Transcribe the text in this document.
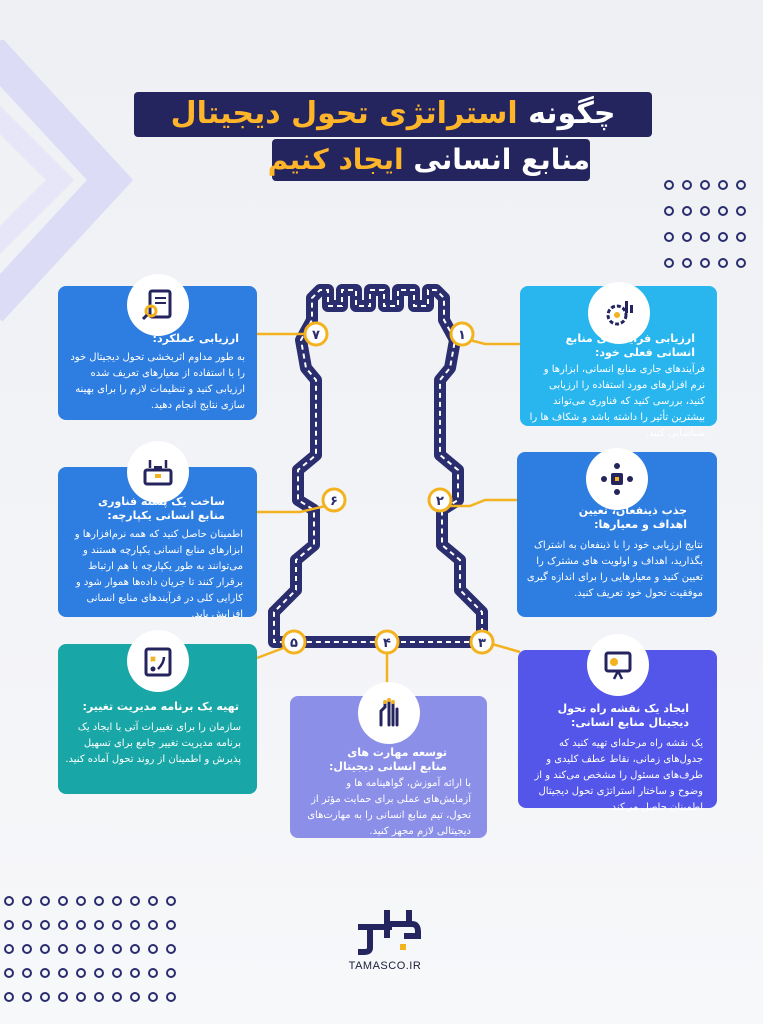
چگونه استراتژی تحول دیجیتال
منابع انسانی ایجاد کنیم
۱
۲
۳
۴
۵
۶
۷	ارزیابی فرآیندهای منابع انسانی فعلی خود:
فرآیندهای جاری منابع انسانی، ابزارها و نرم افزارهای مورد استفاده را ارزیابی کنید، بررسی کنید که فناوری می‌تواند بیشترین تأثیر را داشته باشد و شکاف ها را شناسایی کنید.
جذب ذینفعان، تعیین اهداف و معیارها:
نتایج ارزیابی خود را با ذینفعان به اشتراک بگذارید، اهداف و اولویت های مشترک را تعیین کنید و معیارهایی را برای اندازه گیری موفقیت تحول خود تعریف کنید.
ایجاد یک نقشه راه تحول دیجیتال منابع انسانی:
یک نقشه راه مرحله‌ای تهیه کنید که جدول‌های زمانی، نقاط عطف کلیدی و طرف‌های مسئول را مشخص می‌کند و از وضوح و ساختار استراتژی تحول دیجیتال اطمینان حاصل می‌کند.
توسعه مهارت های منابع انسانی دیجیتال:
با ارائه آموزش، گواهینامه ها و آزمایش‌های عملی برای حمایت مؤثر از تحول، تیم منابع انسانی را به مهارت‌های دیجیتالی لازم مجهز کنید.
تهیه یک برنامه مدیریت تغییر:
سازمان را برای تغییرات آتی با ایجاد یک برنامه مدیریت تغییر جامع برای تسهیل پذیرش و اطمینان از روند تحول آماده کنید.
ساخت یک پشته فناوری منابع انسانی یکپارچه:
اطمینان حاصل کنید که همه نرم‌افزارها و ابزارهای منابع انسانی یکپارچه هستند و می‌توانند به طور یکپارچه با هم ارتباط برقرار کنند تا جریان داده‌ها هموار شود و کارایی کلی در فرآیندهای منابع انسانی افزایش یابد.
ارزیابی عملکرد:
به طور مداوم اثربخشی تحول دیجیتال خود را با استفاده از معیارهای تعریف شده ارزیابی کنید و تنظیمات لازم را برای بهینه سازی نتایج انجام دهید.
TAMASCO.IR
